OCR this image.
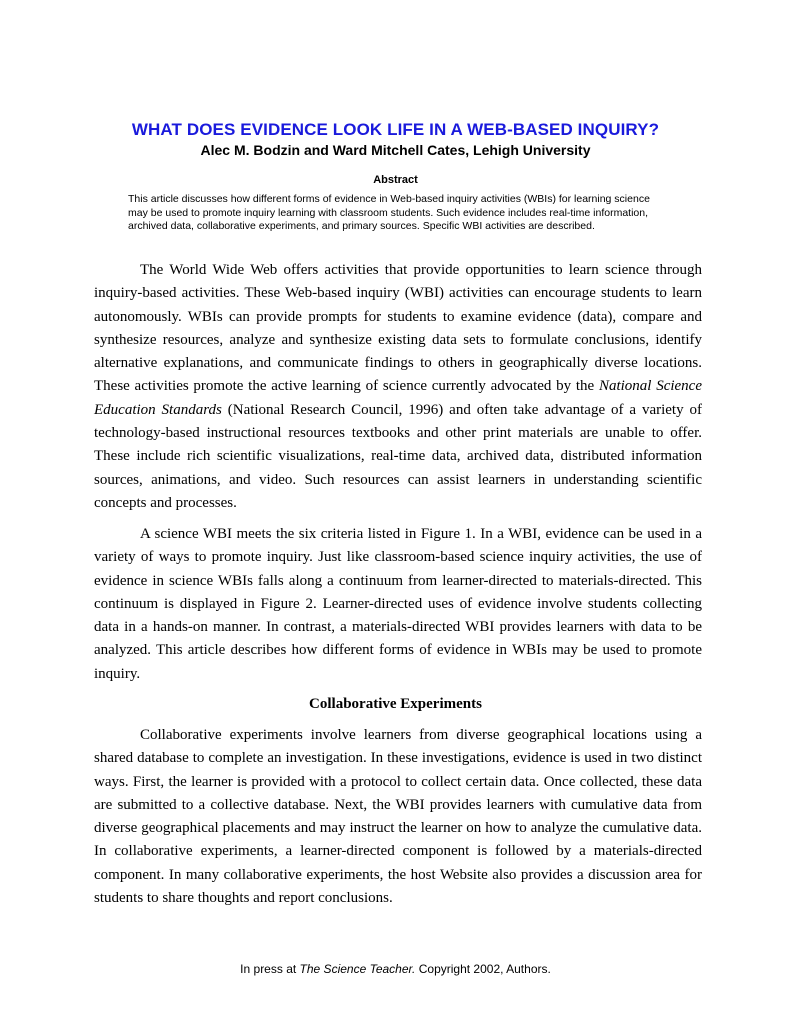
WHAT DOES EVIDENCE LOOK LIFE IN A WEB-BASED INQUIRY?
Alec M. Bodzin and Ward Mitchell Cates, Lehigh University
Abstract
This article discusses how different forms of evidence in Web-based inquiry activities (WBIs) for learning science may be used to promote inquiry learning with classroom students. Such evidence includes real-time information, archived data, collaborative experiments, and primary sources. Specific WBI activities are described.

The World Wide Web offers activities that provide opportunities to learn science through inquiry-based activities. These Web-based inquiry (WBI) activities can encourage students to learn autonomously. WBIs can provide prompts for students to examine evidence (data), compare and synthesize resources, analyze and synthesize existing data sets to formulate conclusions, identify alternative explanations, and communicate findings to others in geographically diverse locations. These activities promote the active learning of science currently advocated by the National Science Education Standards (National Research Council, 1996) and often take advantage of a variety of technology-based instructional resources textbooks and other print materials are unable to offer. These include rich scientific visualizations, real-time data, archived data, distributed information sources, animations, and video. Such resources can assist learners in understanding scientific concepts and processes.

A science WBI meets the six criteria listed in Figure 1. In a WBI, evidence can be used in a variety of ways to promote inquiry. Just like classroom-based science inquiry activities, the use of evidence in science WBIs falls along a continuum from learner-directed to materials-directed. This continuum is displayed in Figure 2. Learner-directed uses of evidence involve students collecting data in a hands-on manner. In contrast, a materials-directed WBI provides learners with data to be analyzed. This article describes how different forms of evidence in WBIs may be used to promote inquiry.

Collaborative Experiments

Collaborative experiments involve learners from diverse geographical locations using a shared database to complete an investigation. In these investigations, evidence is used in two distinct ways. First, the learner is provided with a protocol to collect certain data. Once collected, these data are submitted to a collective database. Next, the WBI provides learners with cumulative data from diverse geographical placements and may instruct the learner on how to analyze the cumulative data. In collaborative experiments, a learner-directed component is followed by a materials-directed component. In many collaborative experiments, the host Website also provides a discussion area for students to share thoughts and report conclusions.

In press at The Science Teacher. Copyright 2002, Authors.
